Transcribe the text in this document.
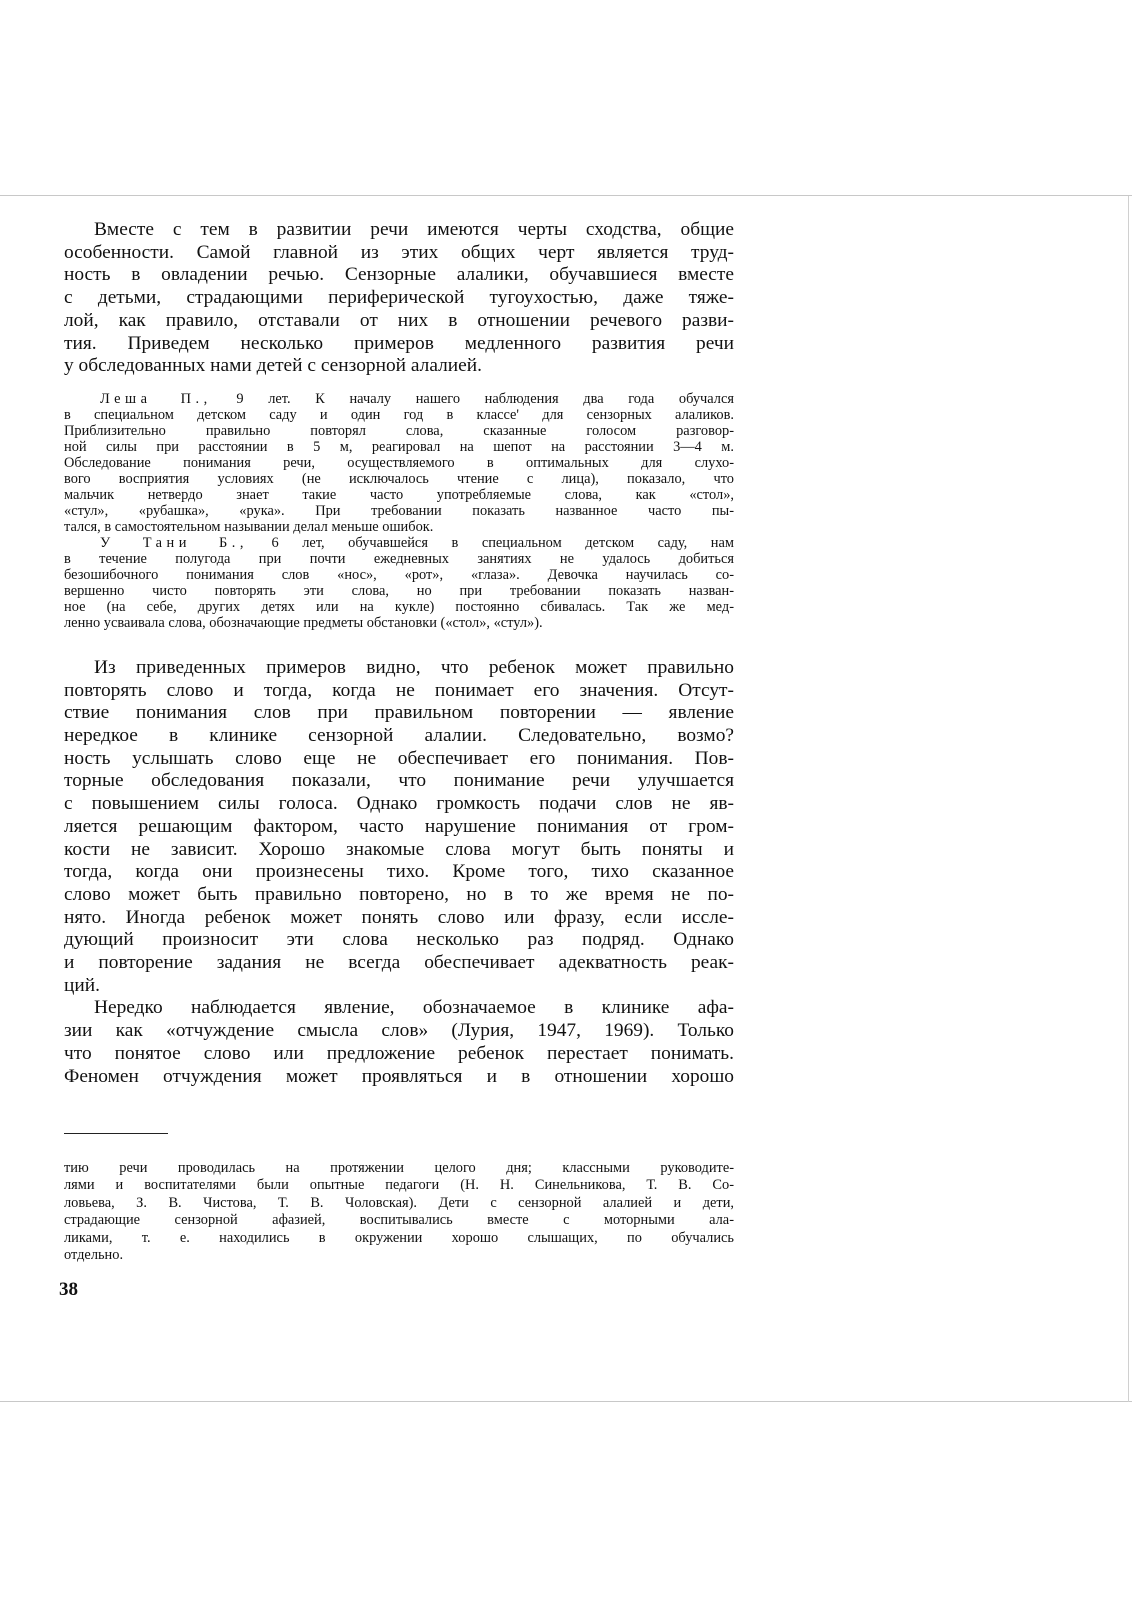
Вместе с тем в развитии речи имеются черты сходства, общие
особенности. Самой главной из этих общих черт является труд-
ность в овладении речью. Сензорные алалики, обучавшиеся вместе
с детьми, страдающими периферической тугоухостью, даже тяже-
лой, как правило, отставали от них в отношении речевого разви-
тия. Приведем несколько примеров медленного развития речи
у обследованных нами детей с сензорной алалией.
Леша П., 9 лет. К началу нашего наблюдения два года обучался
в специальном детском саду и один год в классе' для сензорных алаликов.
Приблизительно правильно повторял слова, сказанные голосом разговор-
ной силы при расстоянии в 5 м, реагировал на шепот на расстоянии 3—4 м.
Обследование понимания речи, осуществляемого в оптимальных для слухо-
вого восприятия условиях (не исключалось чтение с лица), показало, что
мальчик нетвердо знает такие часто употребляемые слова, как «стол»,
«стул», «рубашка», «рука». При требовании показать названное часто пы-
тался, в самостоятельном назывании делал меньше ошибок.
У Тани Б., 6 лет, обучавшейся в специальном детском саду, нам
в течение полугода при почти ежедневных занятиях не удалось добиться
безошибочного понимания слов «нос», «рот», «глаза». Девочка научилась со-
вершенно чисто повторять эти слова, но при требовании показать назван-
ное (на себе, других детях или на кукле) постоянно сбивалась. Так же мед-
ленно усваивала слова, обозначающие предметы обстановки («стол», «стул»).
Из приведенных примеров видно, что ребенок может правильно
повторять слово и тогда, когда не понимает его значения. Отсут-
ствие понимания слов при правильном повторении — явление
нередкое в клинике сензорной алалии. Следовательно, возмо?
ность услышать слово еще не обеспечивает его понимания. Пов-
торные обследования показали, что понимание речи улучшается
с повышением силы голоса. Однако громкость подачи слов не яв-
ляется решающим фактором, часто нарушение понимания от гром-
кости не зависит. Хорошо знакомые слова могут быть поняты и
тогда, когда они произнесены тихо. Кроме того, тихо сказанное
слово может быть правильно повторено, но в то же время не по-
нято. Иногда ребенок может понять слово или фразу, если иссле-
дующий произносит эти слова несколько раз подряд. Однако
и повторение задания не всегда обеспечивает адекватность реак-
ций.
Нередко наблюдается явление, обозначаемое в клинике афа-
зии как «отчуждение смысла слов» (Лурия, 1947, 1969). Только
что понятое слово или предложение ребенок перестает понимать.
Феномен отчуждения может проявляться и в отношении хорошо
тию речи проводилась на протяжении целого дня; классными руководите-
лями и воспитателями были опытные педагоги (Н. Н. Синельникова, Т. В. Со-
ловьева, З. В. Чистова, Т. В. Чоловская). Дети с сензорной алалией и дети,
страдающие сензорной афазией, воспитывались вместе с моторными ала-
ликами, т. е. находились в окружении хорошо слышащих, по обучались
отдельно.
38
